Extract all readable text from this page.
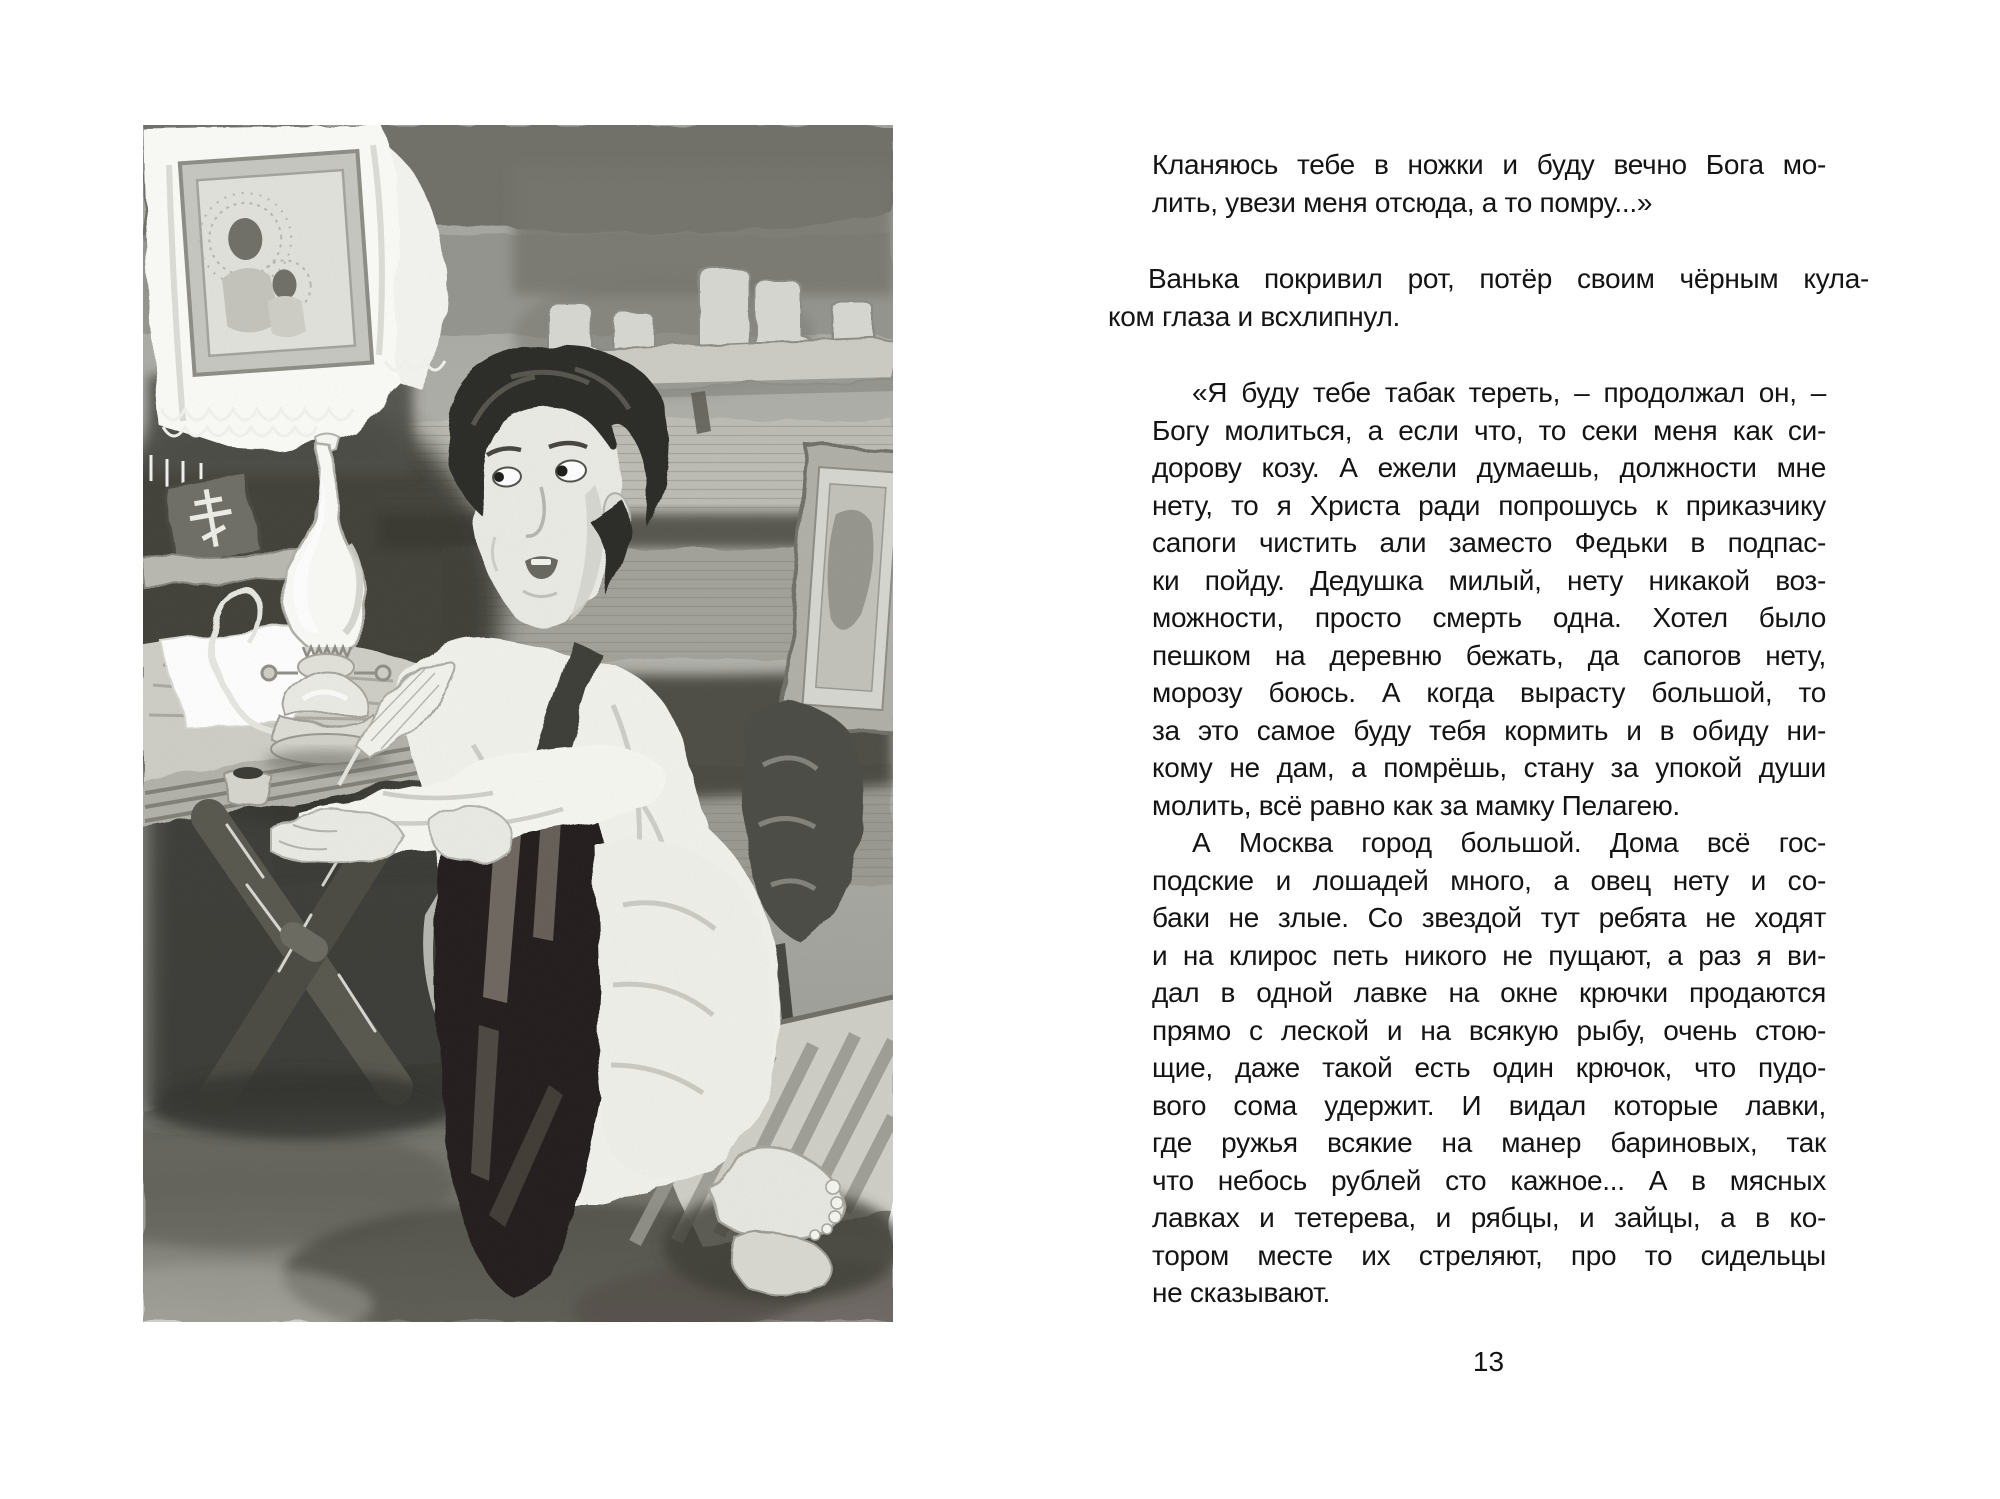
Кланяюсь тебе в ножки и буду вечно Бога мо-
лить, увези меня отсюда, а то помру...»
Ванька покривил рот, потёр своим чёрным кула-
ком глаза и всхлипнул.
«Я буду тебе табак тереть, – продолжал он, –
Богу молиться, а если что, то секи меня как си-
дорову козу. А ежели думаешь, должности мне
нету, то я Христа ради попрошусь к приказчику
сапоги чистить али заместо Федьки в подпас-
ки пойду. Дедушка милый, нету никакой воз-
можности, просто смерть одна. Хотел было
пешком на деревню бежать, да сапогов нету,
морозу боюсь. А когда вырасту большой, то
за это самое буду тебя кормить и в обиду ни-
кому не дам, а помрёшь, стану за упокой души
молить, всё равно как за мамку Пелагею.
А Москва город большой. Дома всё гос-
подские и лошадей много, а овец нету и со-
баки не злые. Со звездой тут ребята не ходят
и на клирос петь никого не пущают, а раз я ви-
дал в одной лавке на окне крючки продаются
прямо с леской и на всякую рыбу, очень стою-
щие, даже такой есть один крючок, что пудо-
вого сома удержит. И видал которые лавки,
где ружья всякие на манер бариновых, так
что небось рублей сто кажное... А в мясных
лавках и тетерева, и рябцы, и зайцы, а в ко-
тором месте их стреляют, про то сидельцы
не сказывают.
13
